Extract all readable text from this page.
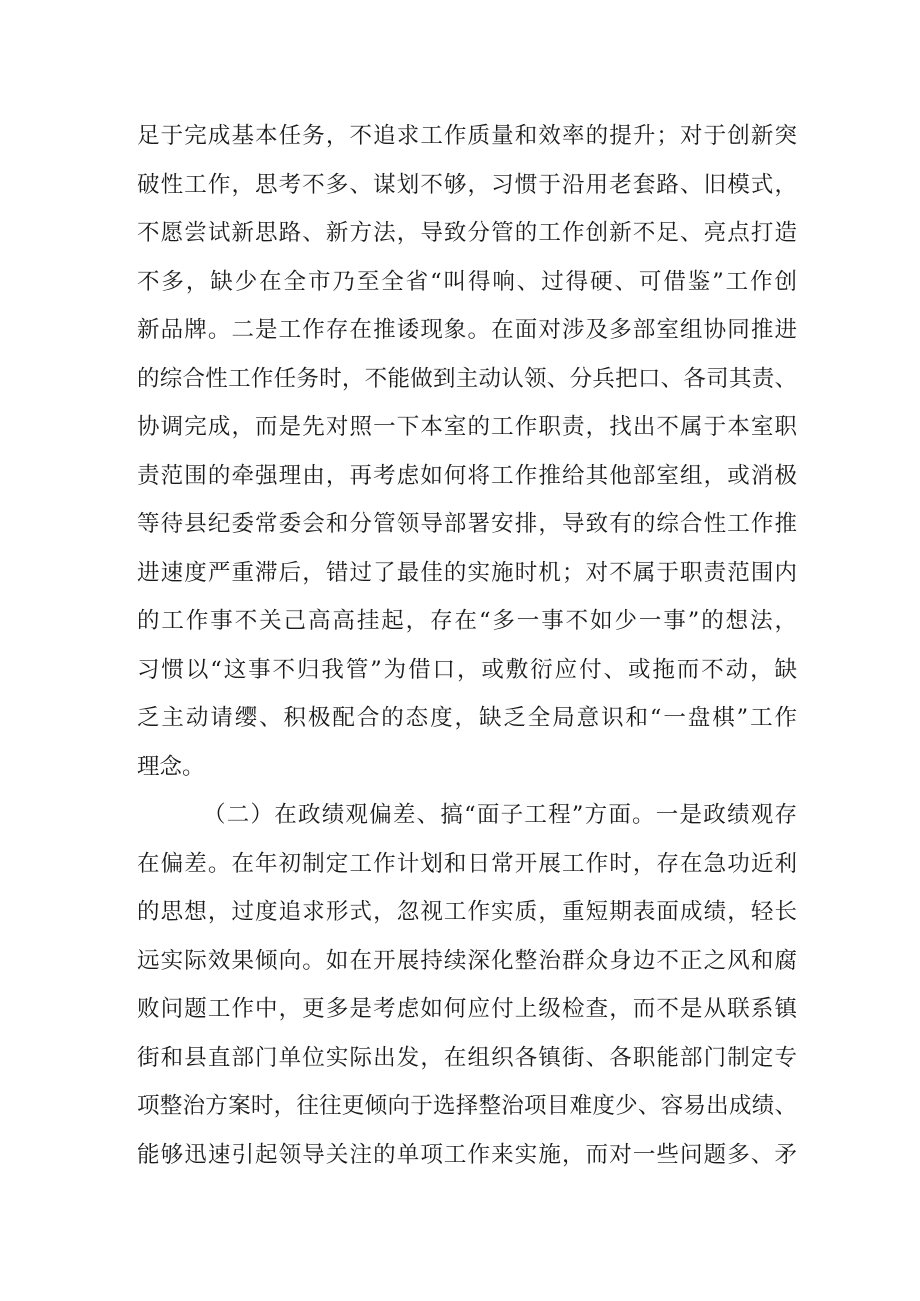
足于完成基本任务，不追求工作质量和效率的提升；对于创新突
破性工作，思考不多、谋划不够，习惯于沿用老套路、旧模式，
不愿尝试新思路、新方法，导致分管的工作创新不足、亮点打造
不多，缺少在全市乃至全省“叫得响、过得硬、可借鉴”工作创
新品牌。二是工作存在推诿现象。在面对涉及多部室组协同推进
的综合性工作任务时，不能做到主动认领、分兵把口、各司其责、
协调完成，而是先对照一下本室的工作职责，找出不属于本室职
责范围的牵强理由，再考虑如何将工作推给其他部室组，或消极
等待县纪委常委会和分管领导部署安排，导致有的综合性工作推
进速度严重滞后，错过了最佳的实施时机；对不属于职责范围内
的工作事不关己高高挂起，存在“多一事不如少一事”的想法，
习惯以“这事不归我管”为借口，或敷衍应付、或拖而不动，缺
乏主动请缨、积极配合的态度，缺乏全局意识和“一盘棋”工作
理念。
（二）在政绩观偏差、搞“面子工程”方面。一是政绩观存
在偏差。在年初制定工作计划和日常开展工作时，存在急功近利
的思想，过度追求形式，忽视工作实质，重短期表面成绩，轻长
远实际效果倾向。如在开展持续深化整治群众身边不正之风和腐
败问题工作中，更多是考虑如何应付上级检查，而不是从联系镇
街和县直部门单位实际出发，在组织各镇街、各职能部门制定专
项整治方案时，往往更倾向于选择整治项目难度少、容易出成绩、
能够迅速引起领导关注的单项工作来实施，而对一些问题多、矛
